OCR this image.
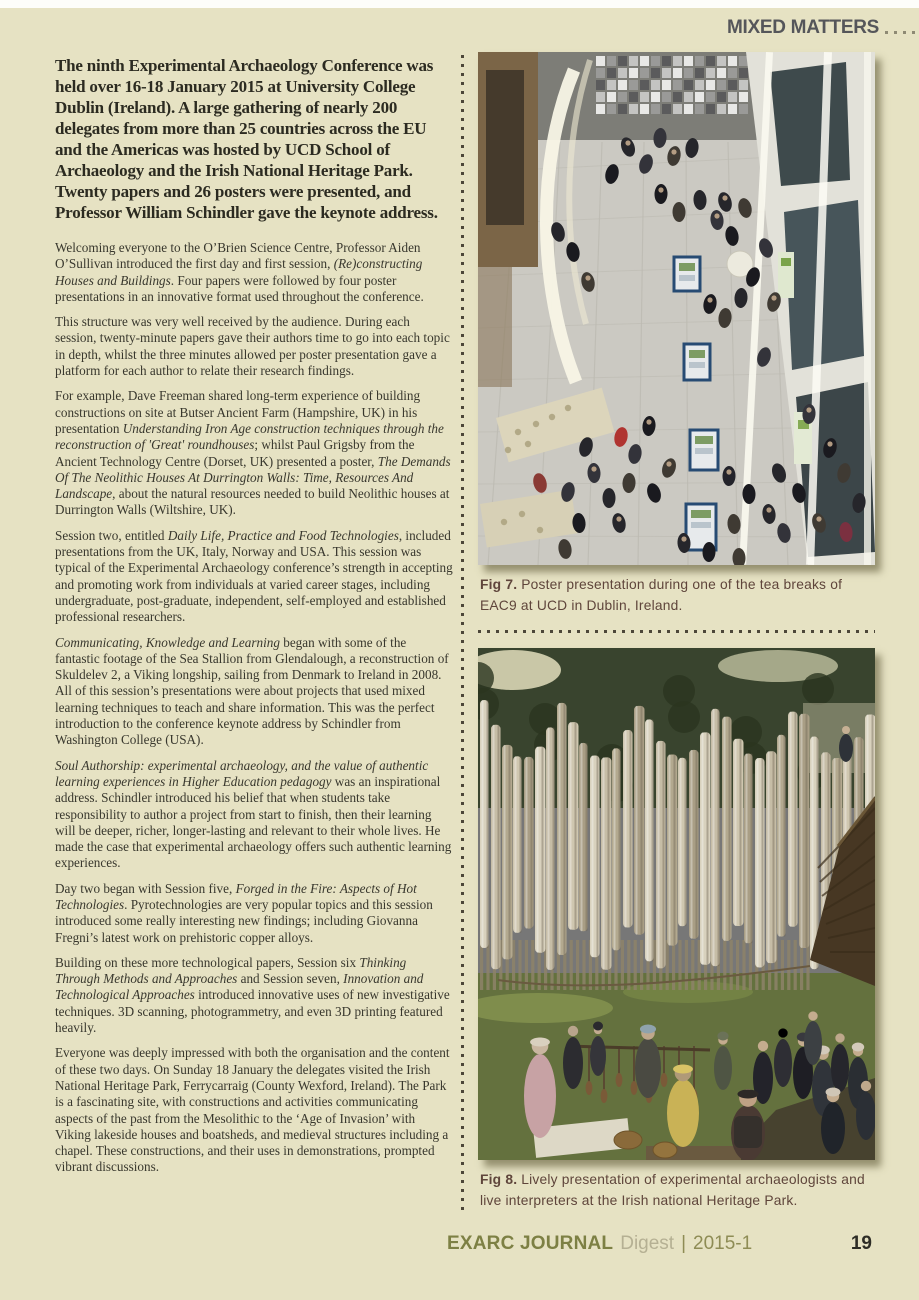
MIXED MATTERS

The ninth Experimental Archaeology Conference was held over 16-18 January 2015 at University College Dublin (Ireland). A large gathering of nearly 200 delegates from more than 25 countries across the EU and the Americas was hosted by UCD School of Archaeology and the Irish National Heritage Park. Twenty papers and 26 posters were presented, and Professor William Schindler gave the keynote address.

Welcoming everyone to the O’Brien Science Centre, Professor Aiden O’Sullivan introduced the first day and first session, (Re)constructing Houses and Buildings. Four papers were followed by four poster presentations in an innovative format used throughout the conference.

This structure was very well received by the audience. During each session, twenty-minute papers gave their authors time to go into each topic in depth, whilst the three minutes allowed per poster presentation gave a platform for each author to relate their research findings.

For example, Dave Freeman shared long-term experience of building constructions on site at Butser Ancient Farm (Hampshire, UK) in his presentation Understanding Iron Age construction techniques through the reconstruction of 'Great' roundhouses; whilst Paul Grigsby from the Ancient Technology Centre (Dorset, UK) presented a poster, The Demands Of The Neolithic Houses At Durrington Walls: Time, Resources And Landscape, about the natural resources needed to build Neolithic houses at Durrington Walls (Wiltshire, UK).

Session two, entitled Daily Life, Practice and Food Technologies, included presentations from the UK, Italy, Norway and USA. This session was typical of the Experimental Archaeology conference’s strength in accepting and promoting work from individuals at varied career stages, including undergraduate, post-graduate, independent, self-employed and established professional researchers.

Communicating, Knowledge and Learning began with some of the fantastic footage of the Sea Stallion from Glendalough, a reconstruction of Skuldelev 2, a Viking longship, sailing from Denmark to Ireland in 2008. All of this session’s presentations were about projects that used mixed learning techniques to teach and share information. This was the perfect introduction to the conference keynote address by Schindler from Washington College (USA).

Soul Authorship: experimental archaeology, and the value of authentic learning experiences in Higher Education pedagogy was an inspirational address. Schindler introduced his belief that when students take responsibility to author a project from start to finish, then their learning will be deeper, richer, longer-lasting and relevant to their whole lives. He made the case that experimental archaeology offers such authentic learning experiences.

Day two began with Session five, Forged in the Fire: Aspects of Hot Technologies. Pyrotechnologies are very popular topics and this session introduced some really interesting new findings; including Giovanna Fregni’s latest work on prehistoric copper alloys.

Building on these more technological papers, Session six Thinking Through Methods and Approaches and Session seven, Innovation and Technological Approaches introduced innovative uses of new investigative techniques. 3D scanning, photogrammetry, and even 3D printing featured heavily.

Everyone was deeply impressed with both the organisation and the content of these two days. On Sunday 18 January the delegates visited the Irish National Heritage Park, Ferrycarraig (County Wexford, Ireland). The Park is a fascinating site, with constructions and activities communicating aspects of the past from the Mesolithic to the ‘Age of Invasion’ with Viking lakeside houses and boatsheds, and medieval structures including a chapel. These constructions, and their uses in demonstrations, prompted vibrant discussions.

Fig 7. Poster presentation during one of the tea breaks of EAC9 at UCD in Dublin, Ireland.

Fig 8. Lively presentation of experimental archaeologists and live interpreters at the Irish national Heritage Park.

EXARC JOURNAL Digest | 2015-1	19
